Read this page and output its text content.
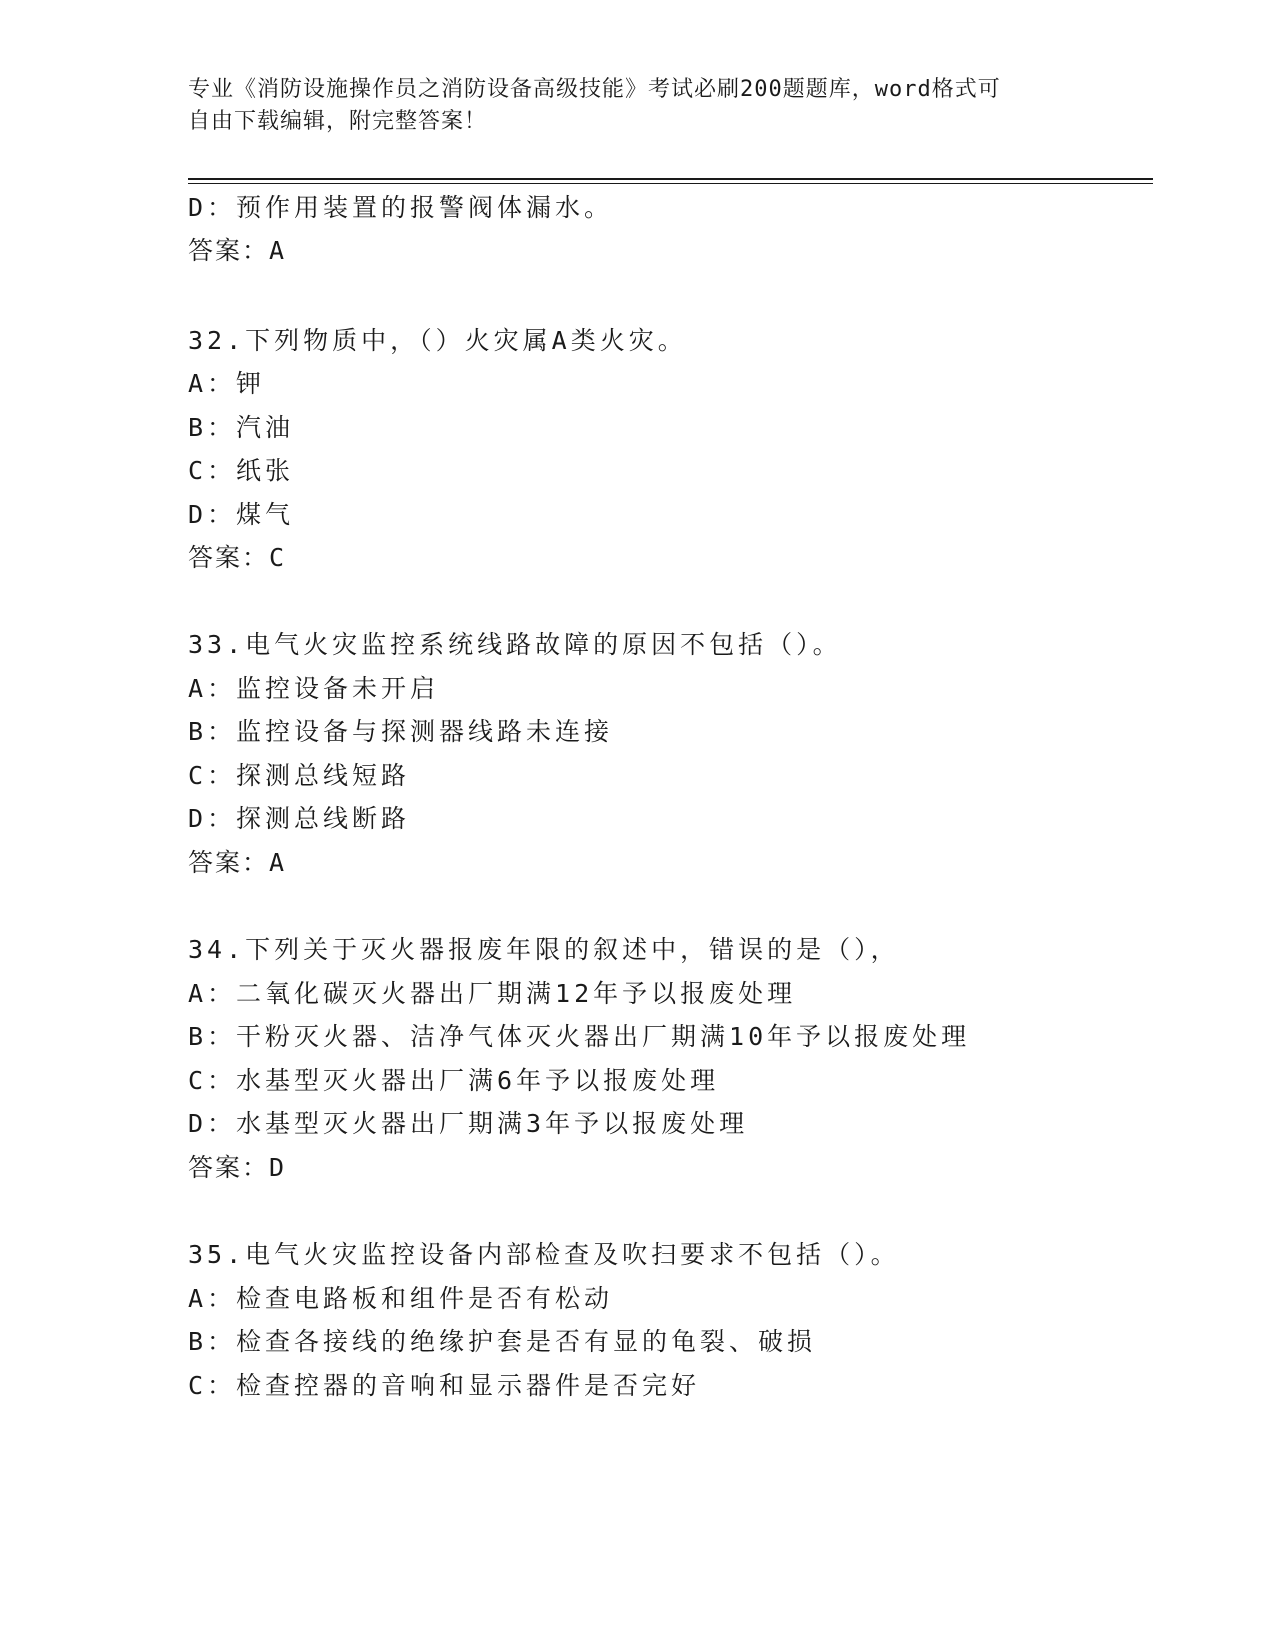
专业《消防设施操作员之消防设备高级技能》考试必刷200题题库，word格式可
自由下载编辑，附完整答案！
D：预作用装置的报警阀体漏水。
答案：A
32.下列物质中，（）火灾属A类火灾。
A：钾
B：汽油
C：纸张
D：煤气
答案：C
33.电气火灾监控系统线路故障的原因不包括（）。
A：监控设备未开启
B：监控设备与探测器线路未连接
C：探测总线短路
D：探测总线断路
答案：A
34.下列关于灭火器报废年限的叙述中，错误的是（），
A：二氧化碳灭火器出厂期满12年予以报废处理
B：干粉灭火器、洁净气体灭火器出厂期满10年予以报废处理
C：水基型灭火器出厂满6年予以报废处理
D：水基型灭火器出厂期满3年予以报废处理
答案：D
35.电气火灾监控设备内部检查及吹扫要求不包括（）。
A：检查电路板和组件是否有松动
B：检查各接线的绝缘护套是否有显的龟裂、破损
C：检查控器的音响和显示器件是否完好
